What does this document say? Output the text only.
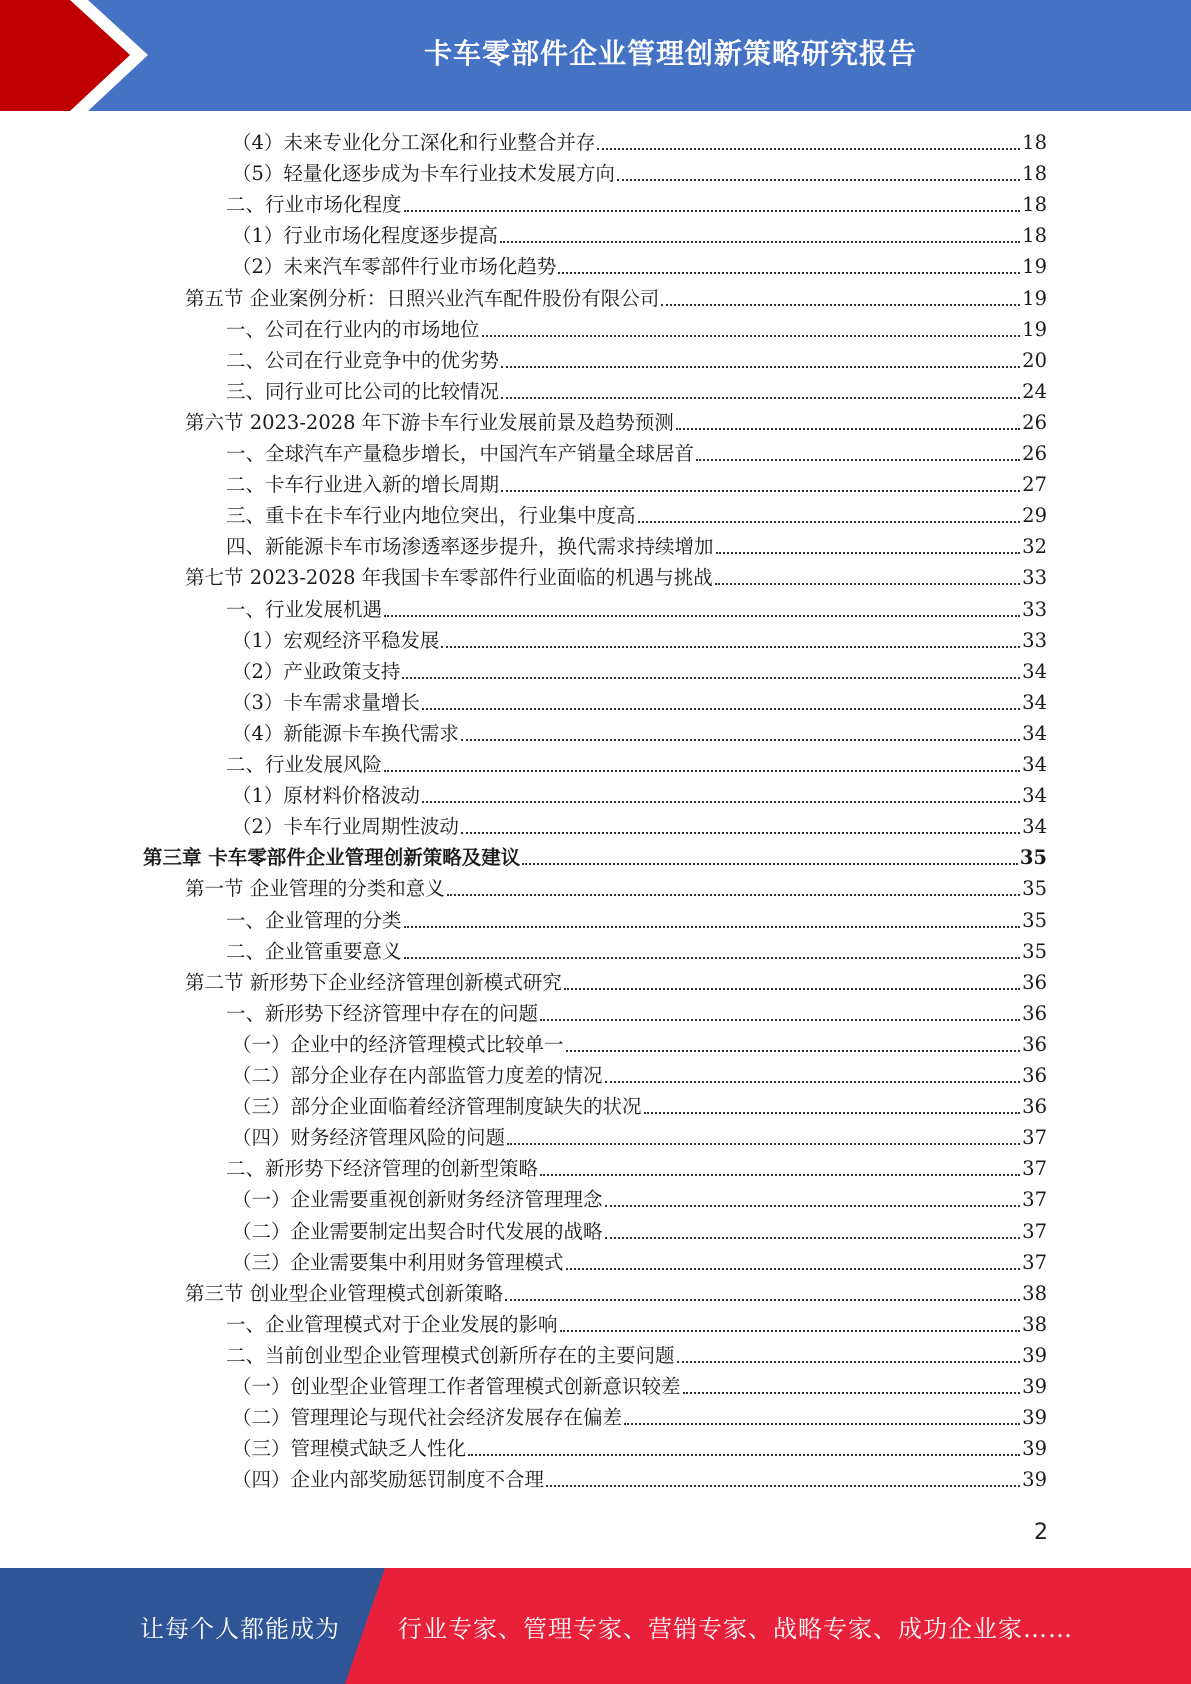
卡车零部件企业管理创新策略研究报告
（4）未来专业化分工深化和行业整合并存	18
（5）轻量化逐步成为卡车行业技术发展方向	18
二、行业市场化程度	18
（1）行业市场化程度逐步提高	18
（2）未来汽车零部件行业市场化趋势	19
第五节 企业案例分析：日照兴业汽车配件股份有限公司	19
一、公司在行业内的市场地位	19
二、公司在行业竞争中的优劣势	20
三、同行业可比公司的比较情况	24
第六节 2023-2028 年下游卡车行业发展前景及趋势预测	26
一、全球汽车产量稳步增长，中国汽车产销量全球居首	26
二、卡车行业进入新的增长周期	27
三、重卡在卡车行业内地位突出，行业集中度高	29
四、新能源卡车市场渗透率逐步提升，换代需求持续增加	32
第七节 2023-2028 年我国卡车零部件行业面临的机遇与挑战	33
一、行业发展机遇	33
（1）宏观经济平稳发展	33
（2）产业政策支持	34
（3）卡车需求量增长	34
（4）新能源卡车换代需求	34
二、行业发展风险	34
（1）原材料价格波动	34
（2）卡车行业周期性波动	34
第三章 卡车零部件企业管理创新策略及建议	35
第一节 企业管理的分类和意义	35
一、企业管理的分类	35
二、企业管重要意义	35
第二节 新形势下企业经济管理创新模式研究	36
一、新形势下经济管理中存在的问题	36
（一）企业中的经济管理模式比较单一	36
（二）部分企业存在内部监管力度差的情况	36
（三）部分企业面临着经济管理制度缺失的状况	36
（四）财务经济管理风险的问题	37
二、新形势下经济管理的创新型策略	37
（一）企业需要重视创新财务经济管理理念	37
（二）企业需要制定出契合时代发展的战略	37
（三）企业需要集中利用财务管理模式	37
第三节 创业型企业管理模式创新策略	38
一、企业管理模式对于企业发展的影响	38
二、当前创业型企业管理模式创新所存在的主要问题	39
（一）创业型企业管理工作者管理模式创新意识较差	39
（二）管理理论与现代社会经济发展存在偏差	39
（三）管理模式缺乏人性化	39
（四）企业内部奖励惩罚制度不合理	39
2
让每个人都能成为 行业专家、管理专家、营销专家、战略专家、成功企业家……
